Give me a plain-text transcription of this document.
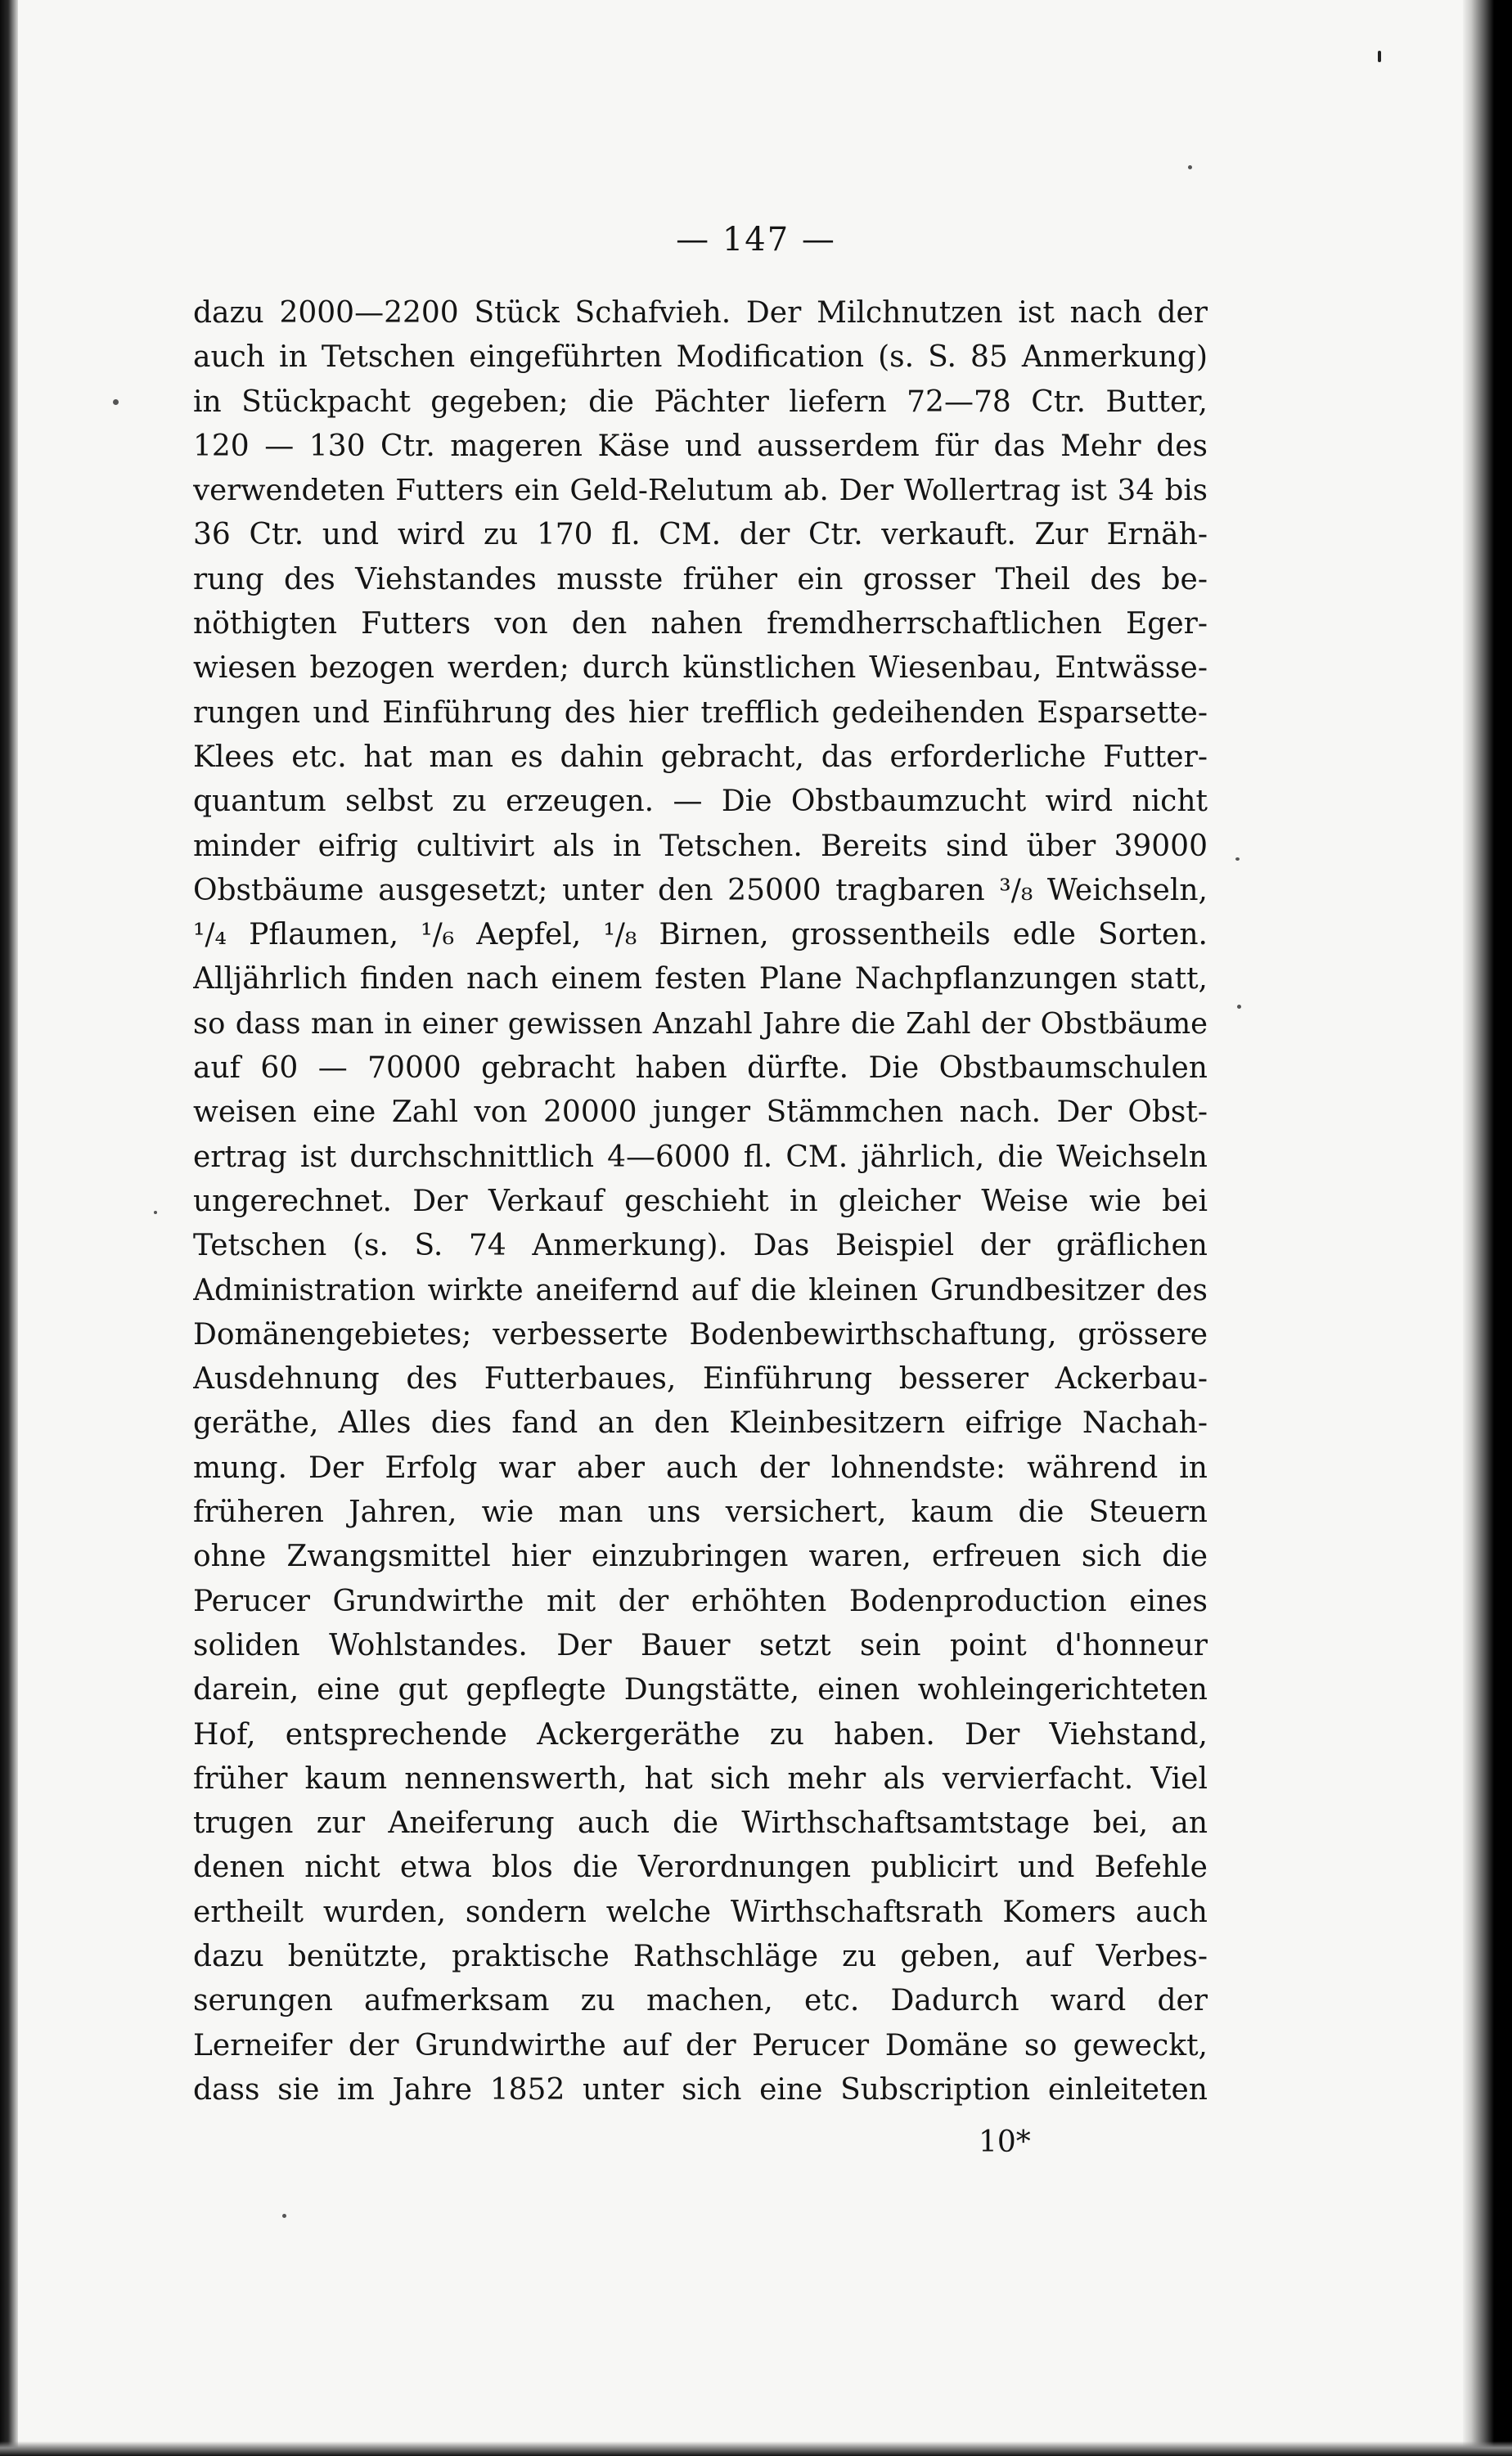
— 147 —
dazu 2000—2200 Stück Schafvieh. Der Milchnutzen ist nach der
auch in Tetschen eingeführten Modification (s. S. 85 Anmerkung)
in Stückpacht gegeben; die Pächter liefern 72—78 Ctr. Butter,
120 — 130 Ctr. mageren Käse und ausserdem für das Mehr des
verwendeten Futters ein Geld-Relutum ab. Der Wollertrag ist 34 bis
36 Ctr. und wird zu 170 fl. CM. der Ctr. verkauft. Zur Ernäh-
rung des Viehstandes musste früher ein grosser Theil des be-
nöthigten Futters von den nahen fremdherrschaftlichen Eger-
wiesen bezogen werden; durch künstlichen Wiesenbau, Entwässe-
rungen und Einführung des hier trefflich gedeihenden Esparsette-
Klees etc. hat man es dahin gebracht, das erforderliche Futter-
quantum selbst zu erzeugen. — Die Obstbaumzucht wird nicht
minder eifrig cultivirt als in Tetschen. Bereits sind über 39000
Obstbäume ausgesetzt; unter den 25000 tragbaren ³/₈ Weichseln,
¹/₄ Pflaumen, ¹/₆ Aepfel, ¹/₈ Birnen, grossentheils edle Sorten.
Alljährlich finden nach einem festen Plane Nachpflanzungen statt,
so dass man in einer gewissen Anzahl Jahre die Zahl der Obstbäume
auf 60 — 70000 gebracht haben dürfte. Die Obstbaumschulen
weisen eine Zahl von 20000 junger Stämmchen nach. Der Obst-
ertrag ist durchschnittlich 4—6000 fl. CM. jährlich, die Weichseln
ungerechnet. Der Verkauf geschieht in gleicher Weise wie bei
Tetschen (s. S. 74 Anmerkung). Das Beispiel der gräflichen
Administration wirkte aneifernd auf die kleinen Grundbesitzer des
Domänengebietes; verbesserte Bodenbewirthschaftung, grössere
Ausdehnung des Futterbaues, Einführung besserer Ackerbau-
geräthe, Alles dies fand an den Kleinbesitzern eifrige Nachah-
mung. Der Erfolg war aber auch der lohnendste: während in
früheren Jahren, wie man uns versichert, kaum die Steuern
ohne Zwangsmittel hier einzubringen waren, erfreuen sich die
Perucer Grundwirthe mit der erhöhten Bodenproduction eines
soliden Wohlstandes. Der Bauer setzt sein point d'honneur
darein, eine gut gepflegte Dungstätte, einen wohleingerichteten
Hof, entsprechende Ackergeräthe zu haben. Der Viehstand,
früher kaum nennenswerth, hat sich mehr als vervierfacht. Viel
trugen zur Aneiferung auch die Wirthschaftsamtstage bei, an
denen nicht etwa blos die Verordnungen publicirt und Befehle
ertheilt wurden, sondern welche Wirthschaftsrath Komers auch
dazu benützte, praktische Rathschläge zu geben, auf Verbes-
serungen aufmerksam zu machen, etc. Dadurch ward der
Lerneifer der Grundwirthe auf der Perucer Domäne so geweckt,
dass sie im Jahre 1852 unter sich eine Subscription einleiteten
10*
